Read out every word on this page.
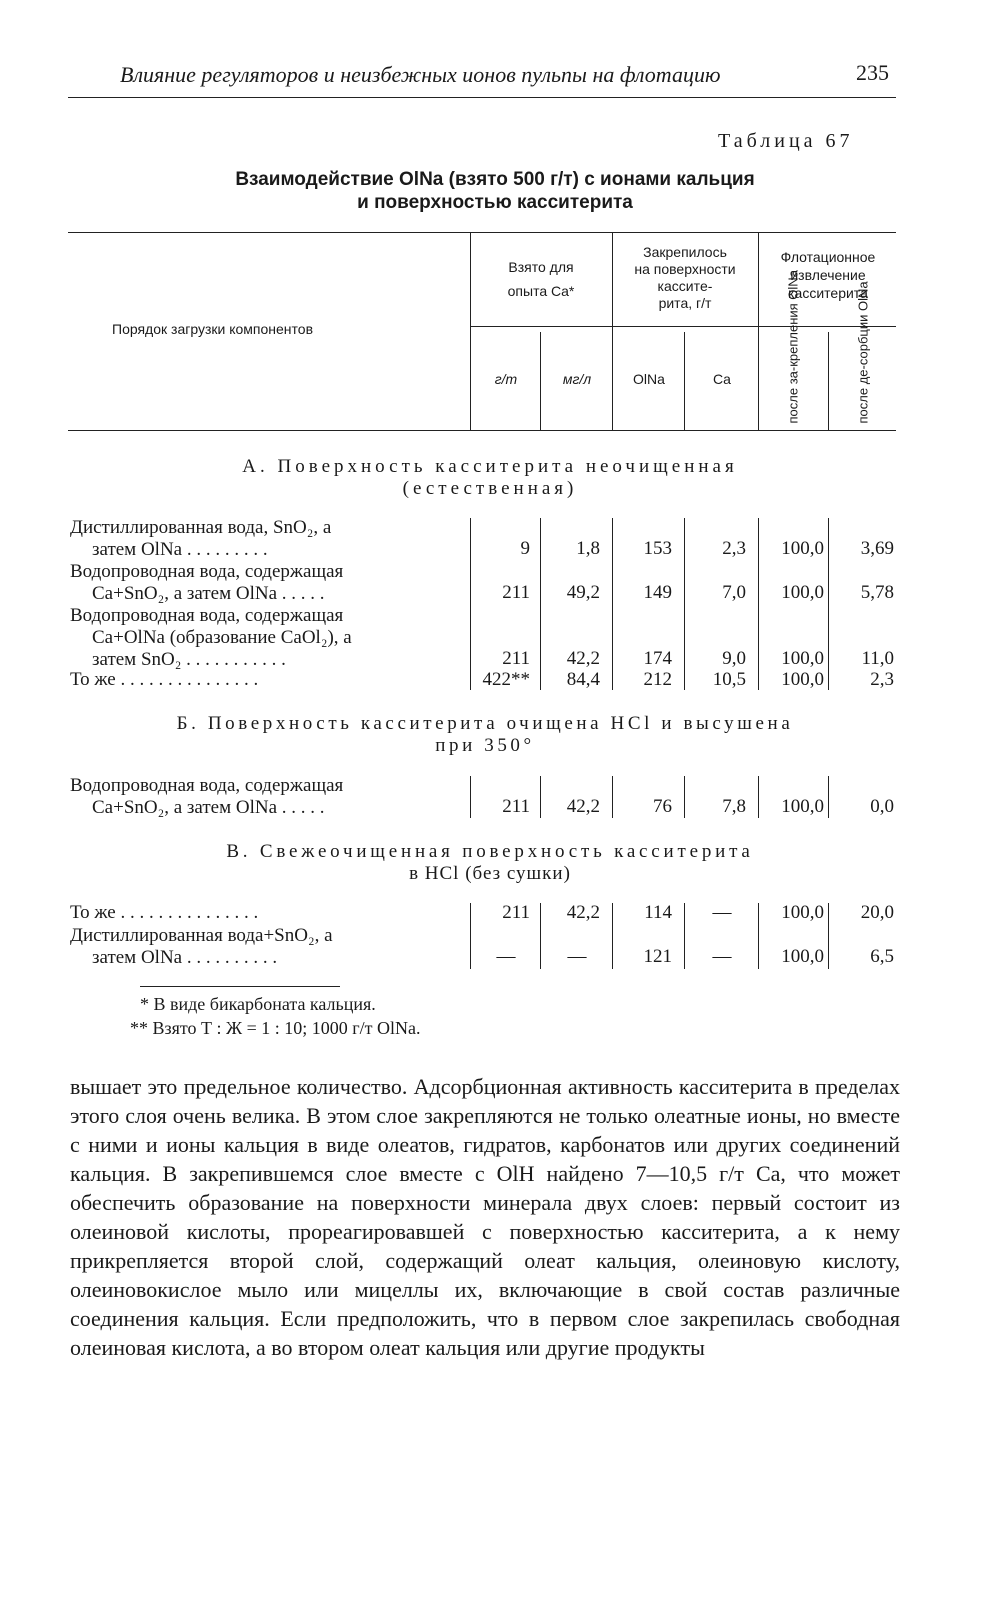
Влияние регуляторов и неизбежных ионов пульпы на флотацию	235
Таблица 67
Взаимодействие OlNa (взято 500 г/т) с ионами кальция
и поверхностью касситерита
Порядок загрузки компонентов
Взято для
опыта Ca*
Закрепилось
на поверхности
касситe-
рита, г/т
Флотационное
извлечение
касситерита
г/т	мг/л	OlNa	Ca	после за-крепления OlNa	после де-сорбции OlNa
А. Поверхность касситерита неочищенная
(естественная)
Дистиллированная вода, SnO₂, а
затем OlNa . . . . . . . . .	9	1,8	153	2,3	100,0	3,69
Водопроводная вода, содержащая
Ca+SnO₂, а затем OlNa . . . . .	211	49,2	149	7,0	100,0	5,78
Водопроводная вода, содержащая
Ca+OlNa (образование CaOl₂), а
затем SnO₂ . . . . . . . . . . .	211	42,2	174	9,0	100,0	11,0
То же . . . . . . . . . . . . . . .	422**	84,4	212	10,5	100,0	2,3
Б. Поверхность касситерита очищена HCl и высушена
при 350°
Водопроводная вода, содержащая
Ca+SnO₂, а затем OlNa . . . . .	211	42,2	76	7,8	100,0	0,0
В. Свежеочищенная поверхность касситерита
в HCl (без сушки)
То же . . . . . . . . . . . . . . .	211	42,2	114	—	100,0	20,0
Дистиллированная вода+SnO₂, а
затем OlNa . . . . . . . . . .	—	—	121	—	100,0	6,5
* В виде бикарбоната кальция.
** Взято Т : Ж = 1 : 10; 1000 г/т OlNa.

вышает это предельное количество. Адсорбционная активность касситерита в пределах этого слоя очень велика. В этом слое закрепляются не только олеатные ионы, но вместе с ними и ионы кальция в виде олеатов, гидратов, карбонатов или других соединений кальция. В закрепившемся слое вместе с OlH найдено 7—10,5 г/т Ca, что может обеспечить образование на поверхности минерала двух слоев: первый состоит из олеиновой кислоты, прореагировавшей с поверхностью касситерита, а к нему прикрепляется второй слой, содержащий олеат кальция, олеиновую кислоту, олеиновокислое мыло или мицеллы их, включающие в свой состав различные соединения кальция. Если предположить, что в первом слое закрепилась свободная олеиновая кислота, а во втором олеат кальция или другие продукты
